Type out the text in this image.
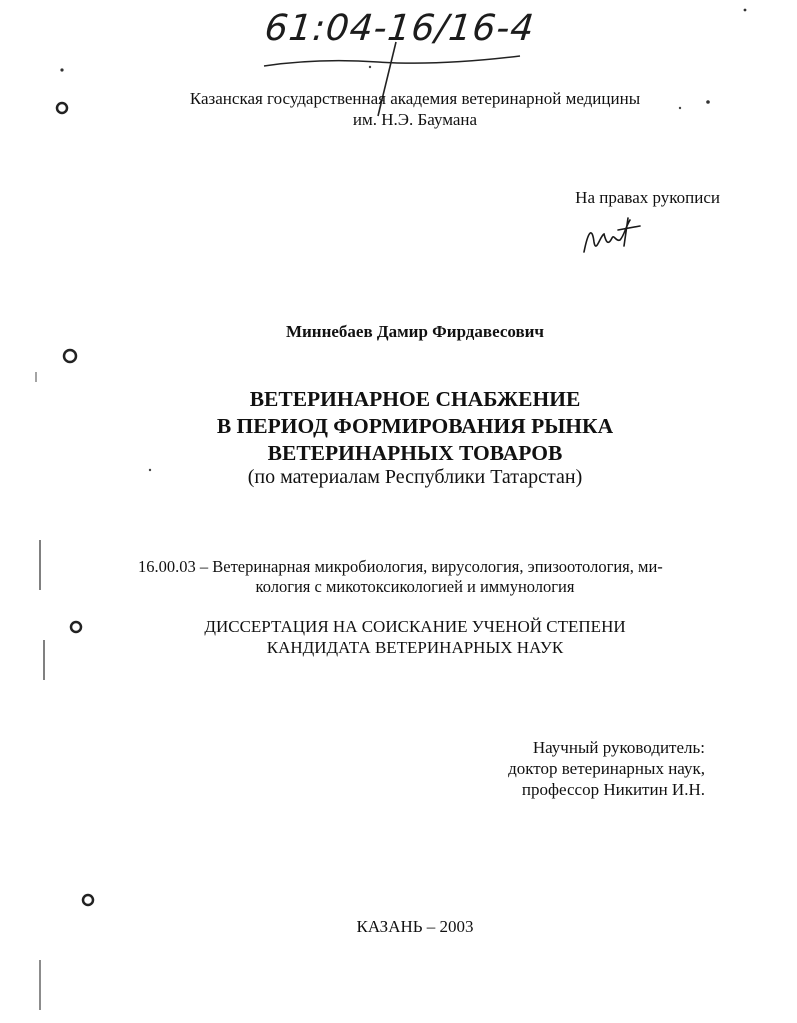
61:04-16/16-4
Казанская государственная академия ветеринарной медицины
им. Н.Э. Баумана
На правах рукописи
Миннебаев Дамир Фирдавесович
ВЕТЕРИНАРНОЕ СНАБЖЕНИЕ
В ПЕРИОД ФОРМИРОВАНИЯ РЫНКА
ВЕТЕРИНАРНЫХ ТОВАРОВ
(по материалам Республики Татарстан)
16.00.03 – Ветеринарная микробиология, вирусология, эпизоотология, ми-
кология с микотоксикологией и иммунология
ДИССЕРТАЦИЯ НА СОИСКАНИЕ УЧЕНОЙ СТЕПЕНИ
КАНДИДАТА ВЕТЕРИНАРНЫХ НАУК
Научный руководитель:
доктор ветеринарных наук,
профессор Никитин И.Н.
КАЗАНЬ – 2003
